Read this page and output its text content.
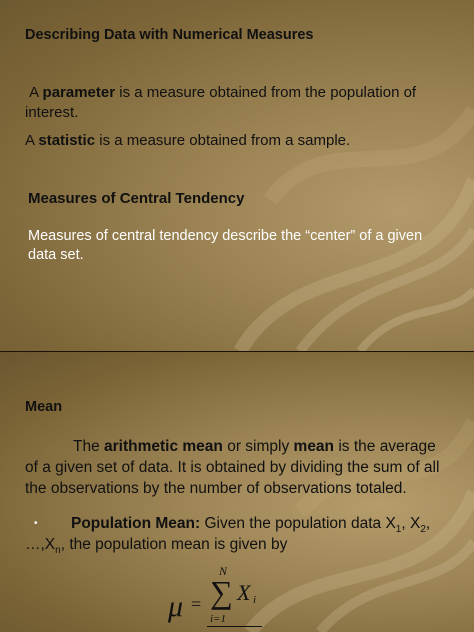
Describing Data with Numerical Measures

A parameter is a measure obtained from the population of interest.

A statistic is a measure obtained from a sample.

Measures of Central Tendency

Measures of central tendency describe the “center” of a given data set.

Mean

The arithmetic mean or simply mean is the average of a given set of data. It is obtained by dividing the sum of all the observations by the number of observations totaled.

•	Population Mean: Given the population data $X_1$, $X_2$,
$\dots,X_n$, the population mean is given by

μ =
N
∑ X i
i=1
